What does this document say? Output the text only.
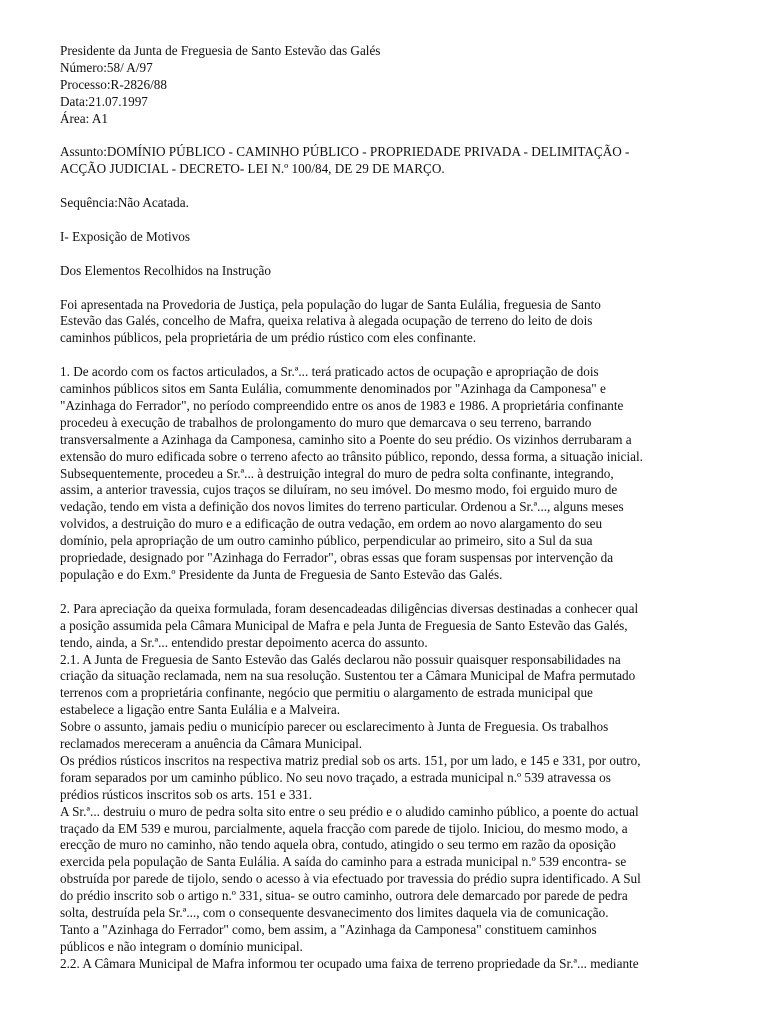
Presidente da Junta de Freguesia de Santo Estevão das Galés
Número:58/ A/97
Processo:R-2826/88
Data:21.07.1997
Área: A1
Assunto:DOMÍNIO PÚBLICO - CAMINHO PÚBLICO - PROPRIEDADE PRIVADA - DELIMITAÇÃO -
ACÇÃO JUDICIAL - DECRETO- LEI N.º 100/84, DE 29 DE MARÇO.
Sequência:Não Acatada.
I- Exposição de Motivos
Dos Elementos Recolhidos na Instrução
Foi apresentada na Provedoria de Justiça, pela população do lugar de Santa Eulália, freguesia de Santo
Estevão das Galés, concelho de Mafra, queixa relativa à alegada ocupação de terreno do leito de dois
caminhos públicos, pela proprietária de um prédio rústico com eles confinante.
1. De acordo com os factos articulados, a Sr.ª... terá praticado actos de ocupação e apropriação de dois
caminhos públicos sitos em Santa Eulália, comummente denominados por "Azinhaga da Camponesa" e
"Azinhaga do Ferrador", no período compreendido entre os anos de 1983 e 1986. A proprietária confinante
procedeu à execução de trabalhos de prolongamento do muro que demarcava o seu terreno, barrando
transversalmente a Azinhaga da Camponesa, caminho sito a Poente do seu prédio. Os vizinhos derrubaram a
extensão do muro edificada sobre o terreno afecto ao trânsito público, repondo, dessa forma, a situação inicial.
Subsequentemente, procedeu a Sr.ª... à destruição integral do muro de pedra solta confinante, integrando,
assim, a anterior travessia, cujos traços se diluíram, no seu imóvel. Do mesmo modo, foi erguido muro de
vedação, tendo em vista a definição dos novos limites do terreno particular. Ordenou a Sr.ª..., alguns meses
volvidos, a destruição do muro e a edificação de outra vedação, em ordem ao novo alargamento do seu
domínio, pela apropriação de um outro caminho público, perpendicular ao primeiro, sito a Sul da sua
propriedade, designado por "Azinhaga do Ferrador", obras essas que foram suspensas por intervenção da
população e do Exm.º Presidente da Junta de Freguesia de Santo Estevão das Galés.
2. Para apreciação da queixa formulada, foram desencadeadas diligências diversas destinadas a conhecer qual
a posição assumida pela Câmara Municipal de Mafra e pela Junta de Freguesia de Santo Estevão das Galés,
tendo, ainda, a Sr.ª... entendido prestar depoimento acerca do assunto.
2.1. A Junta de Freguesia de Santo Estevão das Galés declarou não possuir quaisquer responsabilidades na
criação da situação reclamada, nem na sua resolução. Sustentou ter a Câmara Municipal de Mafra permutado
terrenos com a proprietária confinante, negócio que permitiu o alargamento de estrada municipal que
estabelece a ligação entre Santa Eulália e a Malveira.
Sobre o assunto, jamais pediu o município parecer ou esclarecimento à Junta de Freguesia. Os trabalhos
reclamados mereceram a anuência da Câmara Municipal.
Os prédios rústicos inscritos na respectiva matriz predial sob os arts. 151, por um lado, e 145 e 331, por outro,
foram separados por um caminho público. No seu novo traçado, a estrada municipal n.º 539 atravessa os
prédios rústicos inscritos sob os arts. 151 e 331.
A Sr.ª... destruiu o muro de pedra solta sito entre o seu prédio e o aludido caminho público, a poente do actual
traçado da EM 539 e murou, parcialmente, aquela fracção com parede de tijolo. Iniciou, do mesmo modo, a
erecção de muro no caminho, não tendo aquela obra, contudo, atingido o seu termo em razão da oposição
exercida pela população de Santa Eulália. A saída do caminho para a estrada municipal n.º 539 encontra- se
obstruída por parede de tijolo, sendo o acesso à via efectuado por travessia do prédio supra identificado. A Sul
do prédio inscrito sob o artigo n.º 331, situa- se outro caminho, outrora dele demarcado por parede de pedra
solta, destruída pela Sr.ª..., com o consequente desvanecimento dos limites daquela via de comunicação.
Tanto a "Azinhaga do Ferrador" como, bem assim, a "Azinhaga da Camponesa" constituem caminhos
públicos e não integram o domínio municipal.
2.2. A Câmara Municipal de Mafra informou ter ocupado uma faixa de terreno propriedade da Sr.ª... mediante
